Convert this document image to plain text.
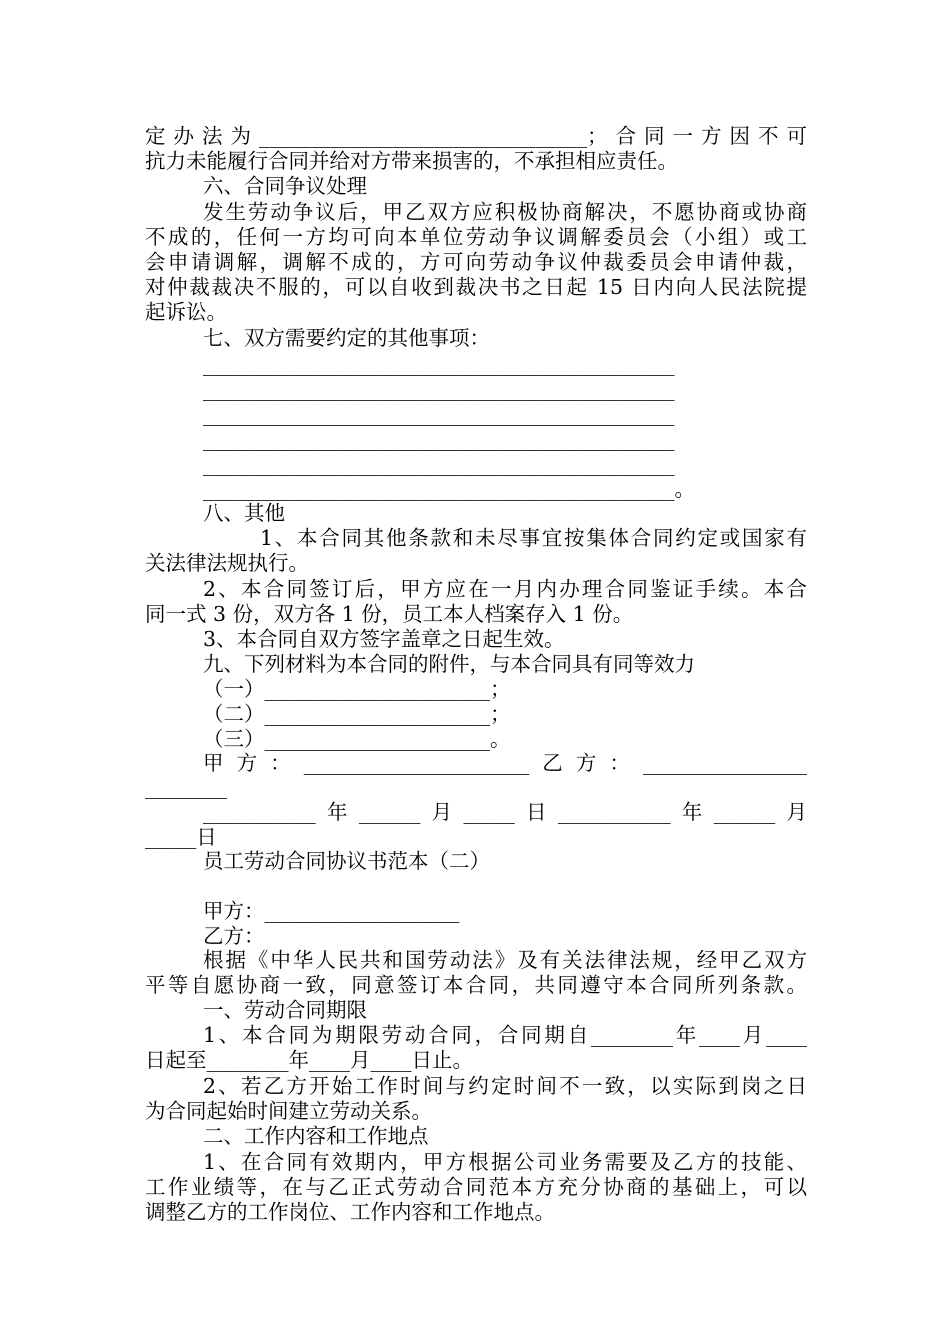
定办法为________________________________；合同一方因不可
抗力未能履行合同并给对方带来损害的，不承担相应责任。
六、合同争议处理
发生劳动争议后，甲乙双方应积极协商解决，不愿协商或协商
不成的，任何一方均可向本单位劳动争议调解委员会（小组）或工
会申请调解，调解不成的，方可向劳动争议仲裁委员会申请仲裁，
对仲裁裁决不服的，可以自收到裁决书之日起 15 日内向人民法院提
起诉讼。
七、双方需要约定的其他事项：
______________________________________________
______________________________________________
______________________________________________
______________________________________________
______________________________________________
______________________________________________。
八、其他
1、本合同其他条款和未尽事宜按集体合同约定或国家有
关法律法规执行。
2、本合同签订后，甲方应在一月内办理合同鉴证手续。本合
同一式 3 份，双方各 1 份，员工本人档案存入 1 份。
3、本合同自双方签字盖章之日起生效。
九、下列材料为本合同的附件，与本合同具有同等效力
（一）______________________；
（二）______________________；
（三）______________________。
甲方：______________________乙方：________________
________
___________年______月_____日___________年______月
_____日
员工劳动合同协议书范本（二）
甲方：___________________
乙方：
根据《中华人民共和国劳动法》及有关法律法规，经甲乙双方
平等自愿协商一致，同意签订本合同，共同遵守本合同所列条款。
一、劳动合同期限
1、本合同为期限劳动合同，合同期自________年____月____
日起至________年____月____日止。
2、若乙方开始工作时间与约定时间不一致，以实际到岗之日
为合同起始时间建立劳动关系。
二、工作内容和工作地点
1、在合同有效期内，甲方根据公司业务需要及乙方的技能、
工作业绩等，在与乙正式劳动合同范本方充分协商的基础上，可以
调整乙方的工作岗位、工作内容和工作地点。
